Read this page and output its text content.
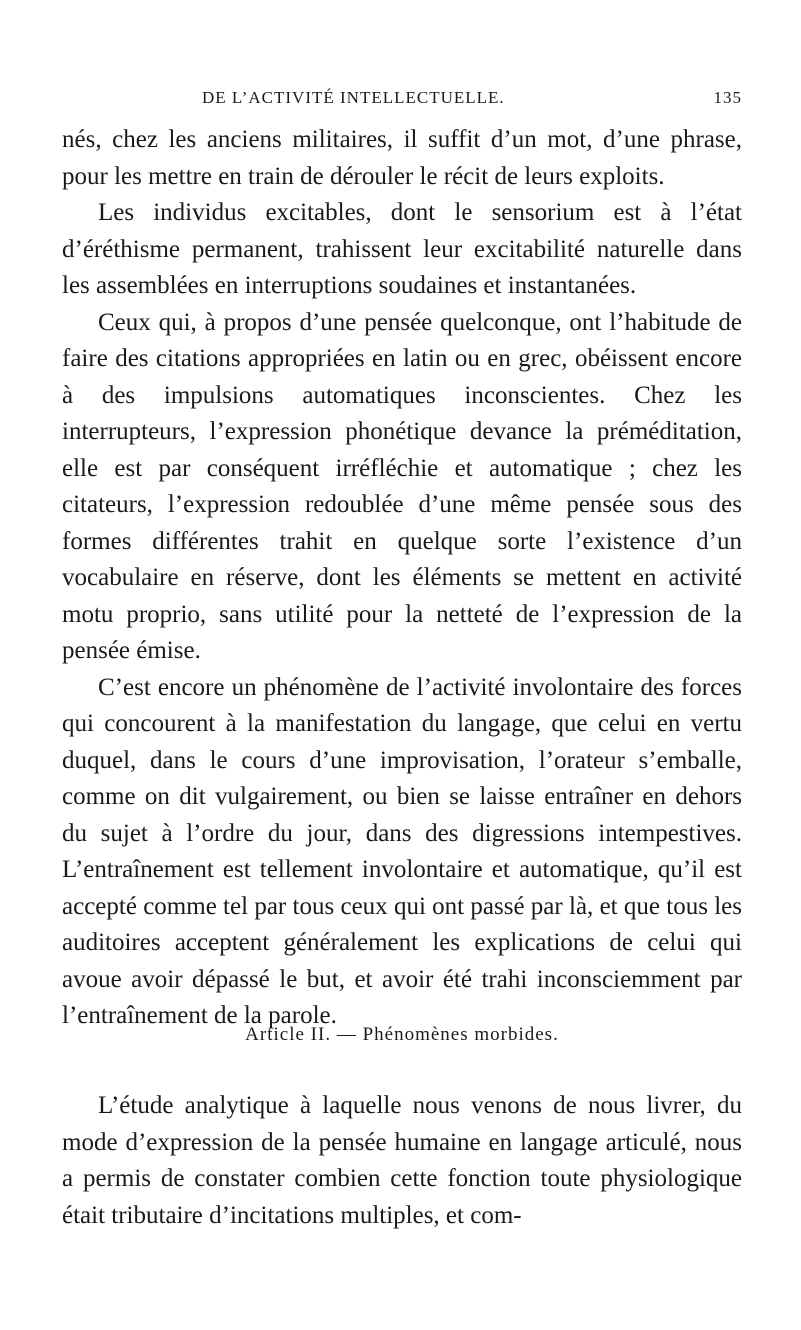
DE L’ACTIVITÉ INTELLECTUELLE.	135

nés, chez les anciens militaires, il suffit d’un mot, d’une phrase, pour les mettre en train de dérouler le récit de leurs exploits.

Les individus excitables, dont le sensorium est à l’état d’éréthisme permanent, trahissent leur excitabilité naturelle dans les assemblées en interruptions soudaines et instantanées.

Ceux qui, à propos d’une pensée quelconque, ont l’habitude de faire des citations appropriées en latin ou en grec, obéissent encore à des impulsions automatiques inconscientes. Chez les interrupteurs, l’expression phonétique devance la préméditation, elle est par conséquent irréfléchie et automatique ; chez les citateurs, l’expression redoublée d’une même pensée sous des formes différentes trahit en quelque sorte l’existence d’un vocabulaire en réserve, dont les éléments se mettent en activité motu proprio, sans utilité pour la netteté de l’expression de la pensée émise.

C’est encore un phénomène de l’activité involontaire des forces qui concourent à la manifestation du langage, que celui en vertu duquel, dans le cours d’une improvisation, l’orateur s’emballe, comme on dit vulgairement, ou bien se laisse entraîner en dehors du sujet à l’ordre du jour, dans des digressions intempestives. L’entraînement est tellement involontaire et automatique, qu’il est accepté comme tel par tous ceux qui ont passé par là, et que tous les auditoires acceptent généralement les explications de celui qui avoue avoir dépassé le but, et avoir été trahi inconsciemment par l’entraînement de la parole.

Article II. — Phénomènes morbides.

L’étude analytique à laquelle nous venons de nous livrer, du mode d’expression de la pensée humaine en langage articulé, nous a permis de constater combien cette fonction toute physiologique était tributaire d’incitations multiples, et com-
